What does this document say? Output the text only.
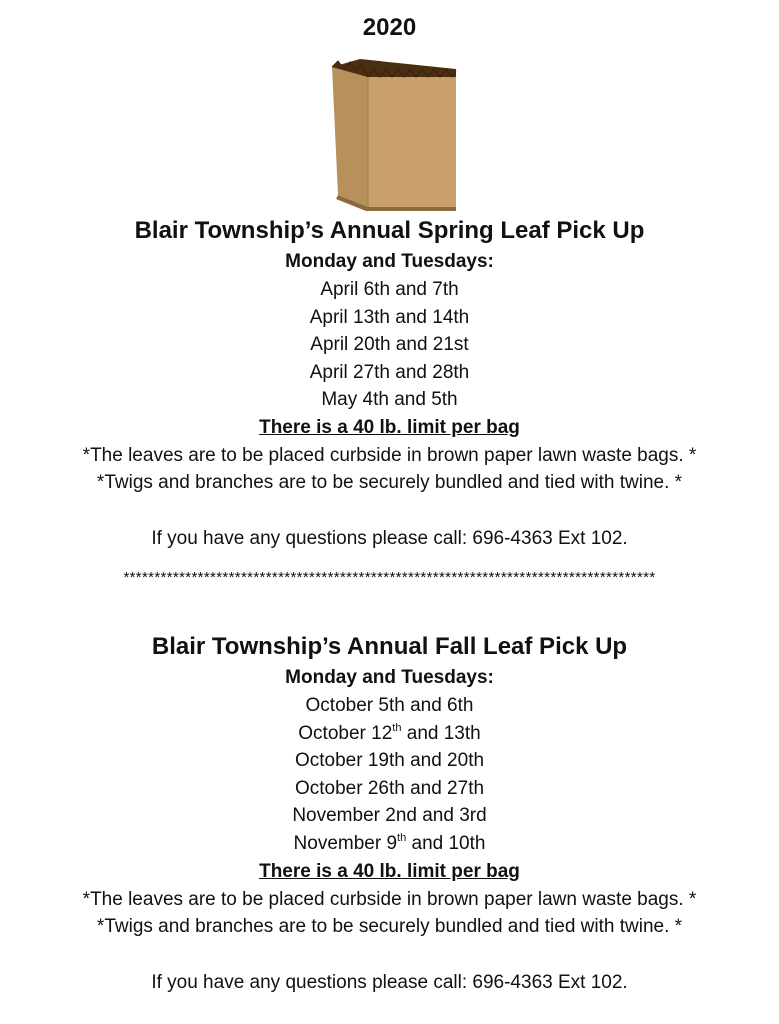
2020

Blair Township’s Annual Spring Leaf Pick Up

Monday and Tuesdays:

April 6th and 7th

April 13th and 14th

April 20th and 21st

April 27th and 28th

May 4th and 5th

There is a 40 lb. limit per bag

*The leaves are to be placed curbside in brown paper lawn waste bags. *

*Twigs and branches are to be securely bundled and tied with twine. *

If you have any questions please call: 696-4363 Ext 102.

**************************************************************************************

Blair Township’s Annual Fall Leaf Pick Up

Monday and Tuesdays:

October 5th and 6th

October 12th and 13th

October 19th and 20th

October 26th and 27th

November 2nd and 3rd

November 9th and 10th

There is a 40 lb. limit per bag

*The leaves are to be placed curbside in brown paper lawn waste bags. *

*Twigs and branches are to be securely bundled and tied with twine. *

If you have any questions please call: 696-4363 Ext 102.
